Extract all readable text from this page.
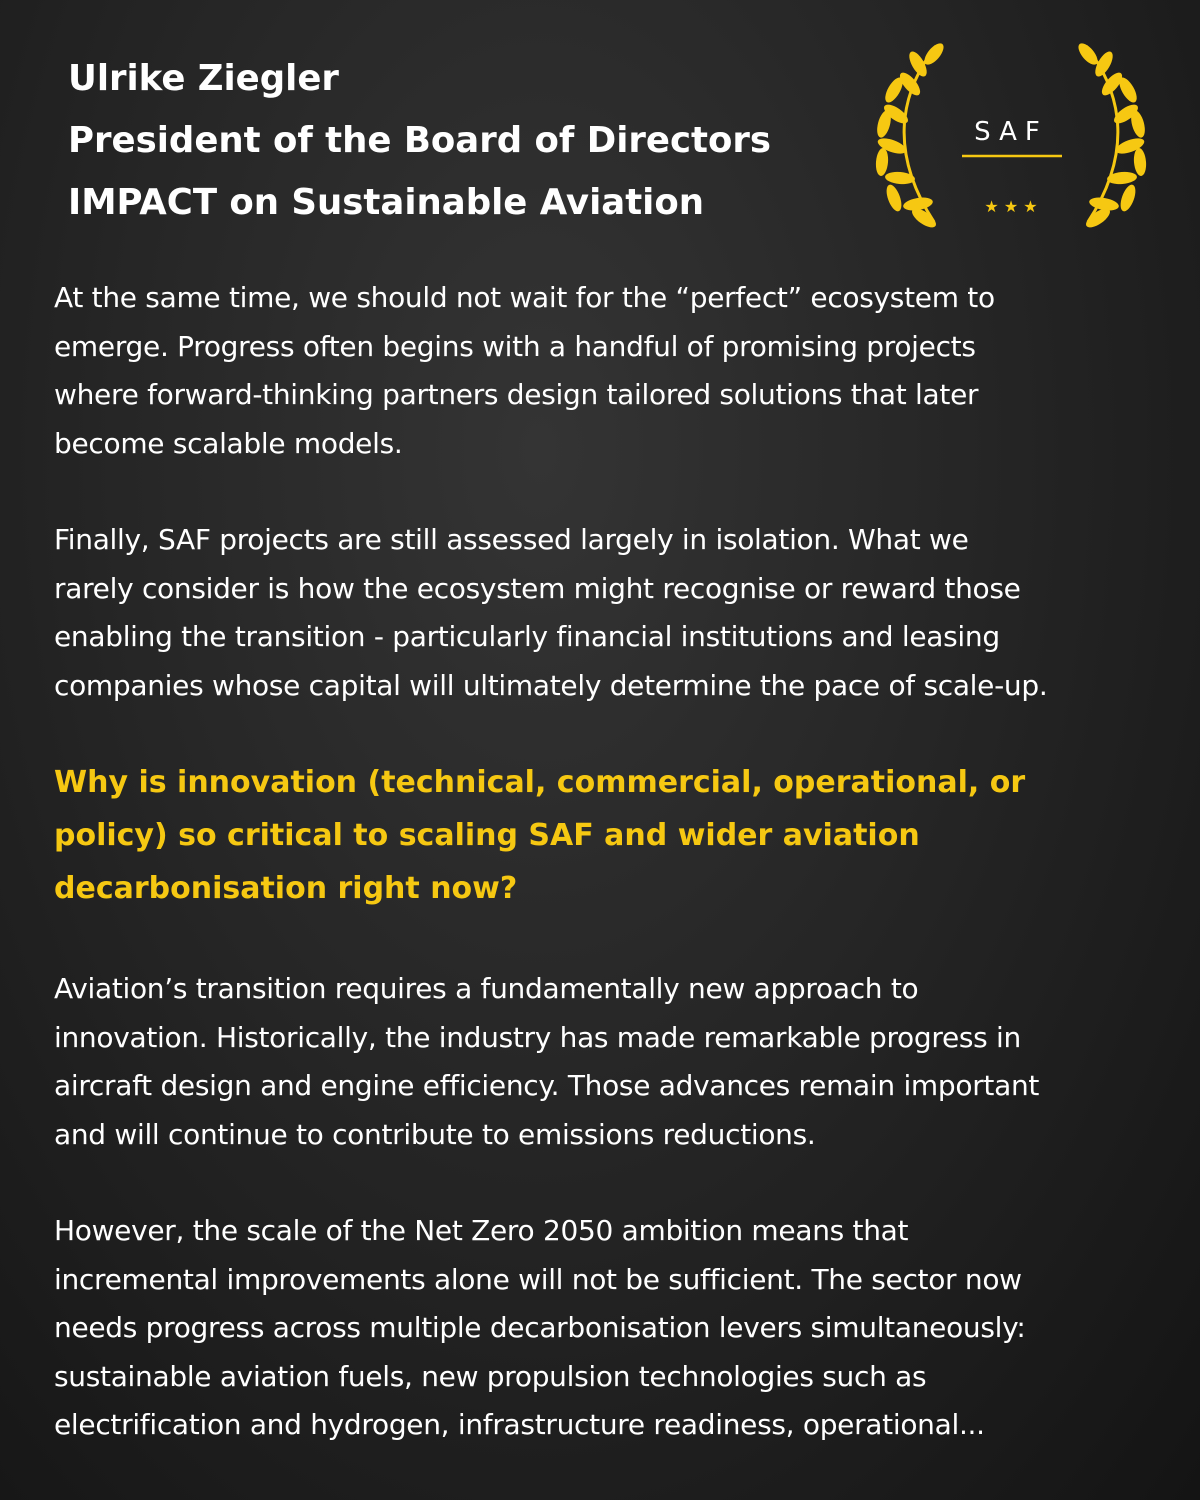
Ulrike Ziegler
President of the Board of Directors
IMPACT on Sustainable Aviation
SAF
★ ★ ★

At the same time, we should not wait for the “perfect” ecosystem to
emerge. Progress often begins with a handful of promising projects
where forward-thinking partners design tailored solutions that later
become scalable models.

Finally, SAF projects are still assessed largely in isolation. What we
rarely consider is how the ecosystem might recognise or reward those
enabling the transition - particularly financial institutions and leasing
companies whose capital will ultimately determine the pace of scale-up.

Why is innovation (technical, commercial, operational, or
policy) so critical to scaling SAF and wider aviation
decarbonisation right now?

Aviation’s transition requires a fundamentally new approach to
innovation. Historically, the industry has made remarkable progress in
aircraft design and engine efficiency. Those advances remain important
and will continue to contribute to emissions reductions.

However, the scale of the Net Zero 2050 ambition means that
incremental improvements alone will not be sufficient. The sector now
needs progress across multiple decarbonisation levers simultaneously:
sustainable aviation fuels, new propulsion technologies such as
electrification and hydrogen, infrastructure readiness, operational...
